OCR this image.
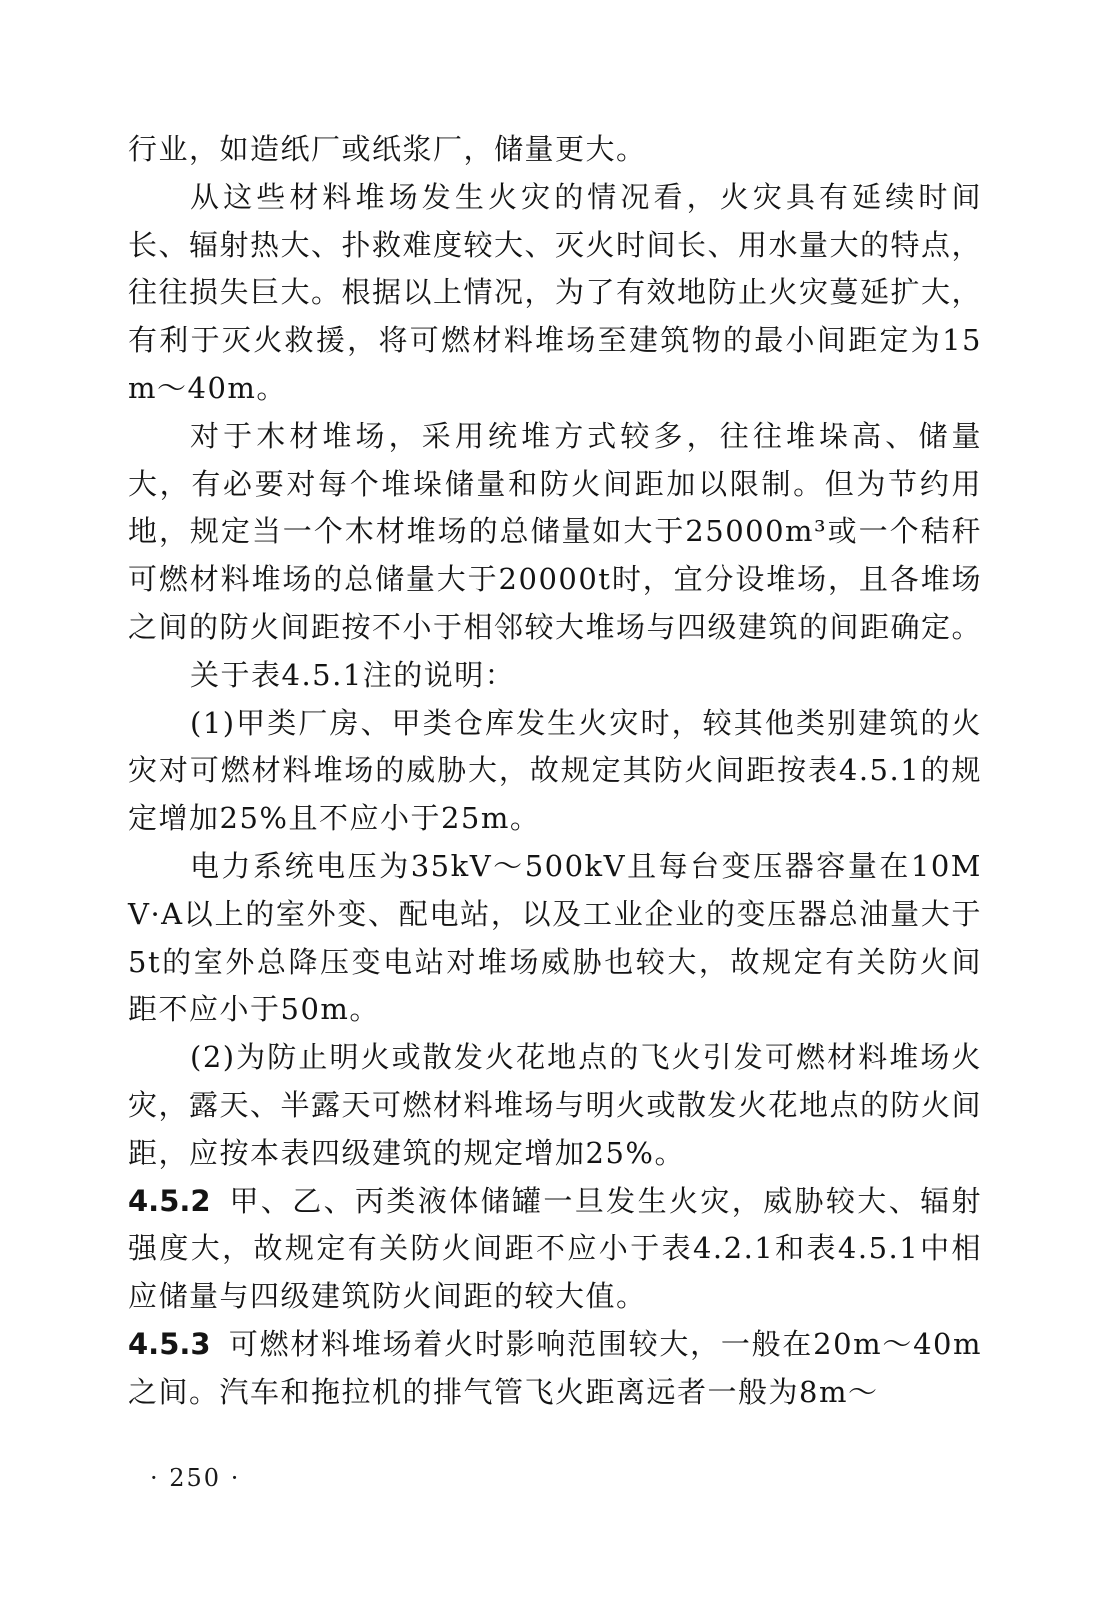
行业，如造纸厂或纸浆厂，储量更大。

从这些材料堆场发生火灾的情况看，火灾具有延续时间长、辐射热大、扑救难度较大、灭火时间长、用水量大的特点，往往损失巨大。根据以上情况，为了有效地防止火灾蔓延扩大，有利于灭火救援，将可燃材料堆场至建筑物的最小间距定为15m～40m。

对于木材堆场，采用统堆方式较多，往往堆垛高、储量大，有必要对每个堆垛储量和防火间距加以限制。但为节约用地，规定当一个木材堆场的总储量如大于25000m³或一个秸秆可燃材料堆场的总储量大于20000t时，宜分设堆场，且各堆场之间的防火间距按不小于相邻较大堆场与四级建筑的间距确定。

关于表4.5.1注的说明：

(1)甲类厂房、甲类仓库发生火灾时，较其他类别建筑的火灾对可燃材料堆场的威胁大，故规定其防火间距按表4.5.1的规定增加25%且不应小于25m。

电力系统电压为35kV～500kV且每台变压器容量在10MV·A以上的室外变、配电站，以及工业企业的变压器总油量大于5t的室外总降压变电站对堆场威胁也较大，故规定有关防火间距不应小于50m。

(2)为防止明火或散发火花地点的飞火引发可燃材料堆场火灾，露天、半露天可燃材料堆场与明火或散发火花地点的防火间距，应按本表四级建筑的规定增加25%。

4.5.2 甲、乙、丙类液体储罐一旦发生火灾，威胁较大、辐射强度大，故规定有关防火间距不应小于表4.2.1和表4.5.1中相应储量与四级建筑防火间距的较大值。

4.5.3 可燃材料堆场着火时影响范围较大，一般在20m～40m之间。汽车和拖拉机的排气管飞火距离远者一般为8m～

· 250 ·
